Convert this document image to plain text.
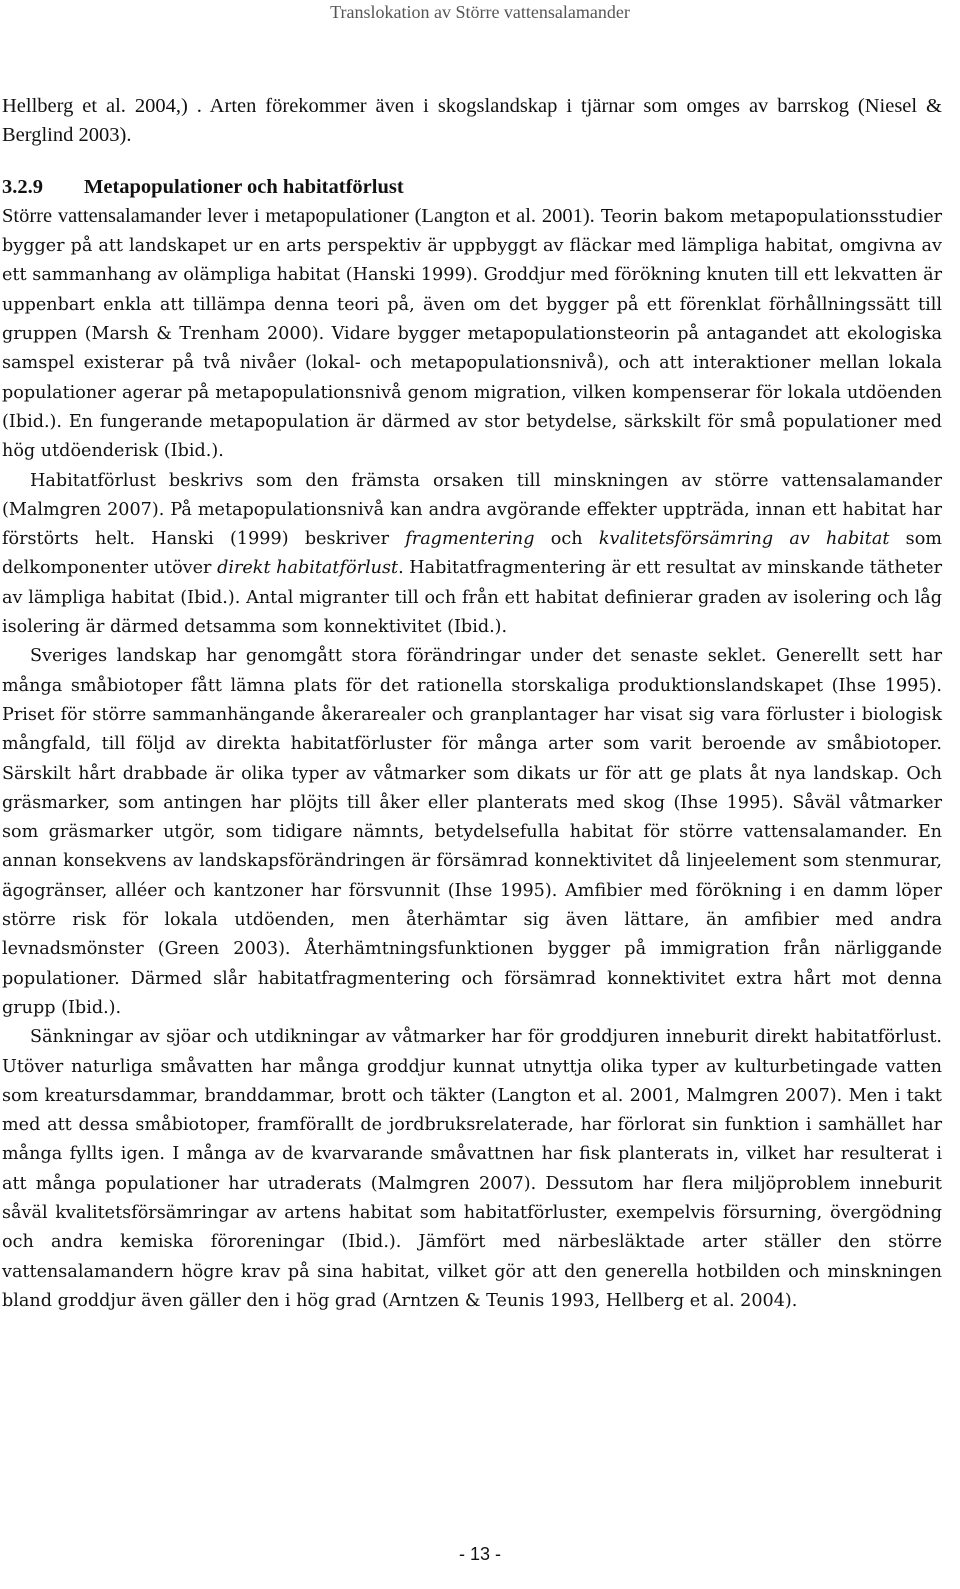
Translokation av Större vattensalamander

Hellberg et al. 2004,) . Arten förekommer även i skogslandskap i tjärnar som omges av barrskog (Niesel & Berglind 2003).

3.2.9 Metapopulationer och habitatförlust

Större vattensalamander lever i metapopulationer (Langton et al. 2001). Teorin bakom metapopulationsstudier bygger på att landskapet ur en arts perspektiv är uppbyggt av fläckar med lämpliga habitat, omgivna av ett sammanhang av olämpliga habitat (Hanski 1999). Groddjur med förökning knuten till ett lekvatten är uppenbart enkla att tillämpa denna teori på, även om det bygger på ett förenklat förhållningssätt till gruppen (Marsh & Trenham 2000). Vidare bygger metapopulationsteorin på antagandet att ekologiska samspel existerar på två nivåer (lokal- och metapopulationsnivå), och att interaktioner mellan lokala populationer agerar på metapopulationsnivå genom migration, vilken kompenserar för lokala utdöenden (Ibid.). En fungerande metapopulation är därmed av stor betydelse, särkskilt för små populationer med hög utdöenderisk (Ibid.).

Habitatförlust beskrivs som den främsta orsaken till minskningen av större vattensalamander (Malmgren 2007). På metapopulationsnivå kan andra avgörande effekter uppträda, innan ett habitat har förstörts helt. Hanski (1999) beskriver fragmentering och kvalitetsförsämring av habitat som delkomponenter utöver direkt habitatförlust. Habitatfragmentering är ett resultat av minskande tätheter av lämpliga habitat (Ibid.). Antal migranter till och från ett habitat definierar graden av isolering och låg isolering är därmed detsamma som konnektivitet (Ibid.).

Sveriges landskap har genomgått stora förändringar under det senaste seklet. Generellt sett har många småbiotoper fått lämna plats för det rationella storskaliga produktionslandskapet (Ihse 1995). Priset för större sammanhängande åkerarealer och granplantager har visat sig vara förluster i biologisk mångfald, till följd av direkta habitatförluster för många arter som varit beroende av småbiotoper. Särskilt hårt drabbade är olika typer av våtmarker som dikats ur för att ge plats åt nya landskap. Och gräsmarker, som antingen har plöjts till åker eller planterats med skog (Ihse 1995). Såväl våtmarker som gräsmarker utgör, som tidigare nämnts, betydelsefulla habitat för större vattensalamander. En annan konsekvens av landskapsförändringen är försämrad konnektivitet då linjeelement som stenmurar, ägogränser, alléer och kantzoner har försvunnit (Ihse 1995). Amfibier med förökning i en damm löper större risk för lokala utdöenden, men återhämtar sig även lättare, än amfibier med andra levnadsmönster (Green 2003). Återhämtningsfunktionen bygger på immigration från närliggande populationer. Därmed slår habitatfragmentering och försämrad konnektivitet extra hårt mot denna grupp (Ibid.).

Sänkningar av sjöar och utdikningar av våtmarker har för groddjuren inneburit direkt habitatförlust. Utöver naturliga småvatten har många groddjur kunnat utnyttja olika typer av kulturbetingade vatten som kreatursdammar, branddammar, brott och täkter (Langton et al. 2001, Malmgren 2007). Men i takt med att dessa småbiotoper, framförallt de jordbruksrelaterade, har förlorat sin funktion i samhället har många fyllts igen. I många av de kvarvarande småvattnen har fisk planterats in, vilket har resulterat i att många populationer har utraderats (Malmgren 2007). Dessutom har flera miljöproblem inneburit såväl kvalitetsförsämringar av artens habitat som habitatförluster, exempelvis försurning, övergödning och andra kemiska föroreningar (Ibid.). Jämfört med närbesläktade arter ställer den större vattensalamandern högre krav på sina habitat, vilket gör att den generella hotbilden och minskningen bland groddjur även gäller den i hög grad (Arntzen & Teunis 1993, Hellberg et al. 2004).

- 13 -
